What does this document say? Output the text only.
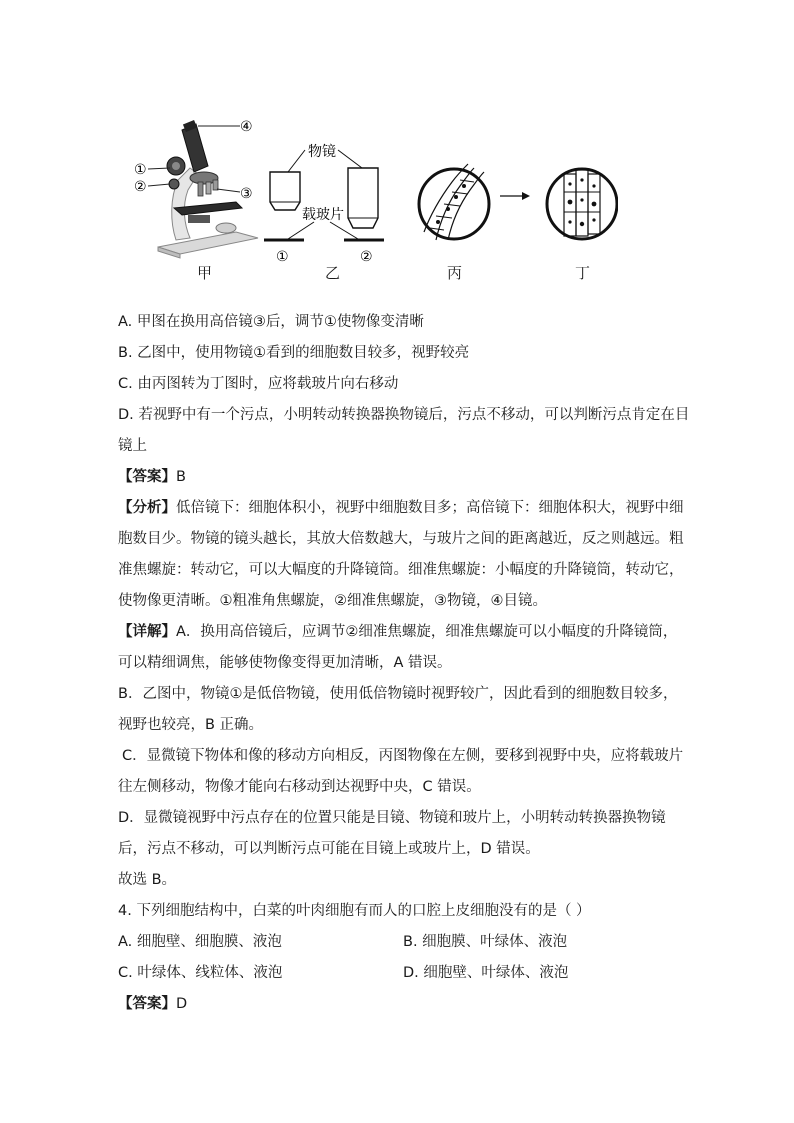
①
②	③
④
物镜
载玻片
①	②
甲	乙	丙	丁
A. 甲图在换用高倍镜③后，调节①使物像变清晰
B. 乙图中，使用物镜①看到的细胞数目较多，视野较亮
C. 由丙图转为丁图时，应将载玻片向右移动
D. 若视野中有一个污点，小明转动转换器换物镜后，污点不移动，可以判断污点肯定在目
镜上
【答案】B
【分析】低倍镜下：细胞体积小，视野中细胞数目多；高倍镜下：细胞体积大，视野中细
胞数目少。物镜的镜头越长，其放大倍数越大，与玻片之间的距离越近，反之则越远。粗
准焦螺旋：转动它，可以大幅度的升降镜筒。细准焦螺旋：小幅度的升降镜筒，转动它，
使物像更清晰。①粗准角焦螺旋，②细准焦螺旋，③物镜，④目镜。
【详解】A．换用高倍镜后，应调节②细准焦螺旋，细准焦螺旋可以小幅度的升降镜筒，
可以精细调焦，能够使物像变得更加清晰，A 错误。
B．乙图中，物镜①是低倍物镜，使用低倍物镜时视野较广，因此看到的细胞数目较多，
视野也较亮，B 正确。
C．显微镜下物体和像的移动方向相反，丙图物像在左侧，要移到视野中央，应将载玻片
往左侧移动，物像才能向右移动到达视野中央，C 错误。
D．显微镜视野中污点存在的位置只能是目镜、物镜和玻片上，小明转动转换器换物镜
后，污点不移动，可以判断污点可能在目镜上或玻片上，D 错误。
故选 B。
4. 下列细胞结构中，白菜的叶肉细胞有而人的口腔上皮细胞没有的是（ ）
A. 细胞壁、细胞膜、液泡	B. 细胞膜、叶绿体、液泡
C. 叶绿体、线粒体、液泡	D. 细胞壁、叶绿体、液泡
【答案】D
